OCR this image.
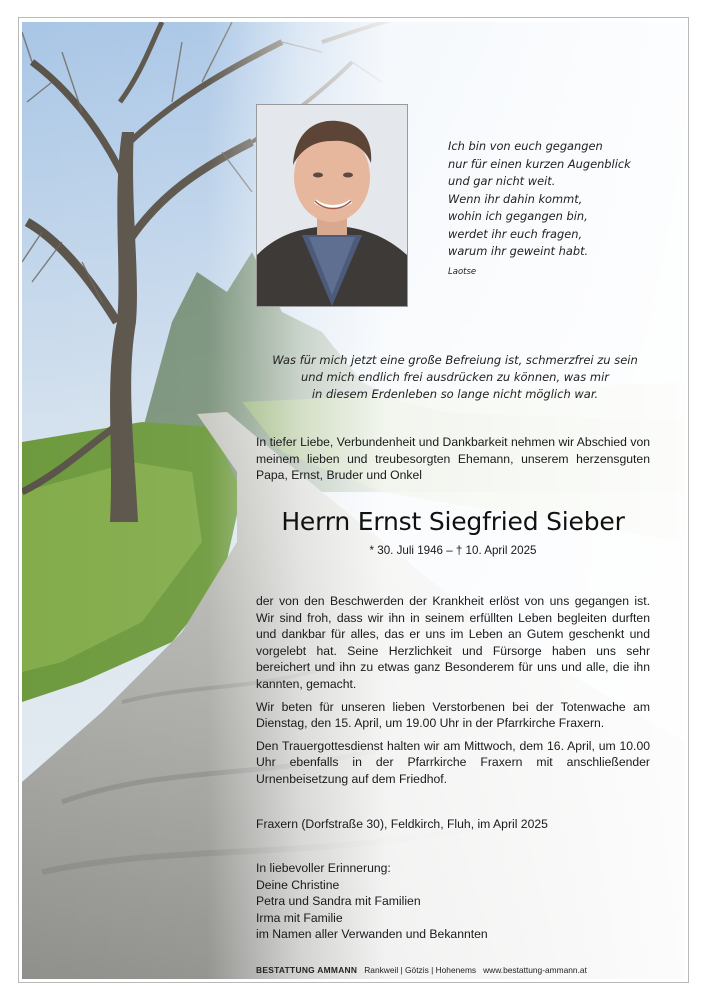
Ich bin von euch gegangen
nur für einen kurzen Augenblick
und gar nicht weit.
Wenn ihr dahin kommt,
wohin ich gegangen bin,
werdet ihr euch fragen,
warum ihr geweint habt.
Laotse
Was für mich jetzt eine große Befreiung ist, schmerzfrei zu sein
und mich endlich frei ausdrücken zu können, was mir
in diesem Erdenleben so lange nicht möglich war.
In tiefer Liebe, Verbundenheit und Dankbarkeit nehmen wir Abschied von meinem lieben und treubesorgten Ehemann, unserem herzensguten Papa, Ernst, Bruder und Onkel
Herrn Ernst Siegfried Sieber
* 30. Juli 1946 – † 10. April 2025

der von den Beschwerden der Krankheit erlöst von uns gegangen ist. Wir sind froh, dass wir ihn in seinem erfüllten Leben begleiten durften und dankbar für alles, das er uns im Leben an Gutem geschenkt und vorgelebt hat. Seine Herzlichkeit und Fürsorge haben uns sehr bereichert und ihn zu etwas ganz Besonderem für uns und alle, die ihn kannten, gemacht.

Wir beten für unseren lieben Verstorbenen bei der Totenwache am Dienstag, den 15. April, um 19.00 Uhr in der Pfarrkirche Fraxern.

Den Trauergottesdienst halten wir am Mittwoch, dem 16. April, um 10.00 Uhr ebenfalls in der Pfarrkirche Fraxern mit anschließender Urnenbeisetzung auf dem Friedhof.

Fraxern (Dorfstraße 30), Feldkirch, Fluh, im April 2025
In liebevoller Erinnerung:
Deine Christine
Petra und Sandra mit Familien
Irma mit Familie
im Namen aller Verwanden und Bekannten
BESTATTUNG AMMANN Rankweil | Götzis | Hohenems www.bestattung-ammann.at
